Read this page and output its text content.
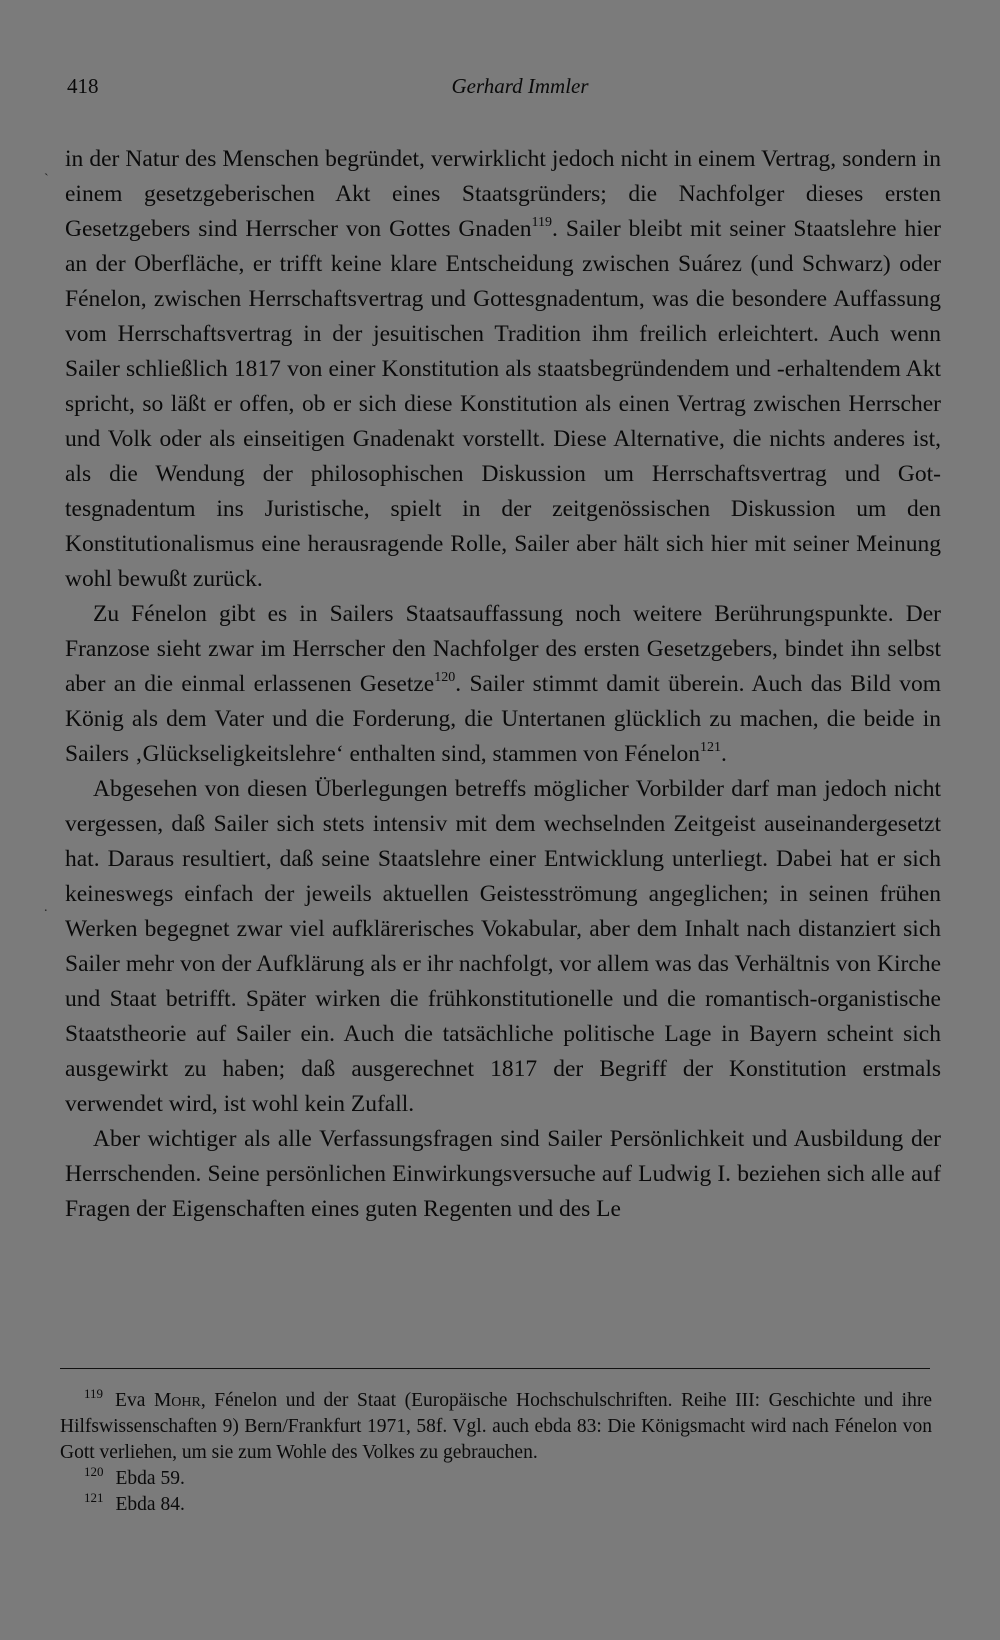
418	Gerhard Immler
ˋ
.

in der Natur des Menschen begründet, verwirklicht jedoch nicht in einem Vertrag, sondern in einem gesetzgeberischen Akt eines Staatsgründers; die Nachfolger dieses ersten Gesetzgebers sind Herrscher von Gottes Gnaden$^{119}$. Sailer bleibt mit seiner Staatslehre hier an der Oberfläche, er trifft keine klare Entscheidung zwischen Suárez (und Schwarz) oder Fénelon, zwischen Herrschaftsvertrag und Gottesgnadentum, was die besondere Auffassung vom Herrschaftsvertrag in der jesuitischen Tradition ihm freilich erleichtert. Auch wenn Sailer schließlich 1817 von einer Konstitution als staatsbegründendem und -erhaltendem Akt spricht, so läßt er offen, ob er sich diese Konstitution als einen Vertrag zwischen Herrscher und Volk oder als einseitigen Gnadenakt vorstellt. Diese Alternative, die nichts anderes ist, als die Wendung der philosophischen Diskussion um Herrschaftsvertrag und Gottesgnadentum ins Juristische, spielt in der zeitgenössischen Diskussion um den Konstitutionalismus eine herausragende Rolle, Sailer aber hält sich hier mit seiner Meinung wohl bewußt zurück.

Zu Fénelon gibt es in Sailers Staatsauffassung noch weitere Berührungspunkte. Der Franzose sieht zwar im Herrscher den Nachfolger des ersten Gesetzgebers, bindet ihn selbst aber an die einmal erlassenen Gesetze$^{120}$. Sailer stimmt damit überein. Auch das Bild vom König als dem Vater und die Forderung, die Untertanen glücklich zu machen, die beide in Sailers ‚Glückseligkeitslehre‘ enthalten sind, stammen von Fénelon$^{121}$.

Abgesehen von diesen Überlegungen betreffs möglicher Vorbilder darf man jedoch nicht vergessen, daß Sailer sich stets intensiv mit dem wechselnden Zeitgeist auseinandergesetzt hat. Daraus resultiert, daß seine Staatslehre einer Entwicklung unterliegt. Dabei hat er sich keineswegs einfach der jeweils aktuellen Geistesströmung angeglichen; in seinen frühen Werken begegnet zwar viel aufklärerisches Vokabular, aber dem Inhalt nach distanziert sich Sailer mehr von der Aufklärung als er ihr nachfolgt, vor allem was das Verhältnis von Kirche und Staat betrifft. Später wirken die frühkonstitutionelle und die romantisch-organistische Staatstheorie auf Sailer ein. Auch die tatsächliche politische Lage in Bayern scheint sich ausgewirkt zu haben; daß ausgerechnet 1817 der Begriff der Konstitution erstmals verwendet wird, ist wohl kein Zufall.

Aber wichtiger als alle Verfassungsfragen sind Sailer Persönlichkeit und Ausbildung der Herrschenden. Seine persönlichen Einwirkungsversuche auf Ludwig I. beziehen sich alle auf Fragen der Eigenschaften eines guten Regenten und des Le

$^{119}$ Eva Mohr, Fénelon und der Staat (Europäische Hochschulschriften. Reihe III: Geschichte und ihre Hilfswissenschaften 9) Bern/Frankfurt 1971, 58f. Vgl. auch ebda 83: Die Königsmacht wird nach Fénelon von Gott verliehen, um sie zum Wohle des Volkes zu gebrauchen.

$^{120}$ Ebda 59.

$^{121}$ Ebda 84.
